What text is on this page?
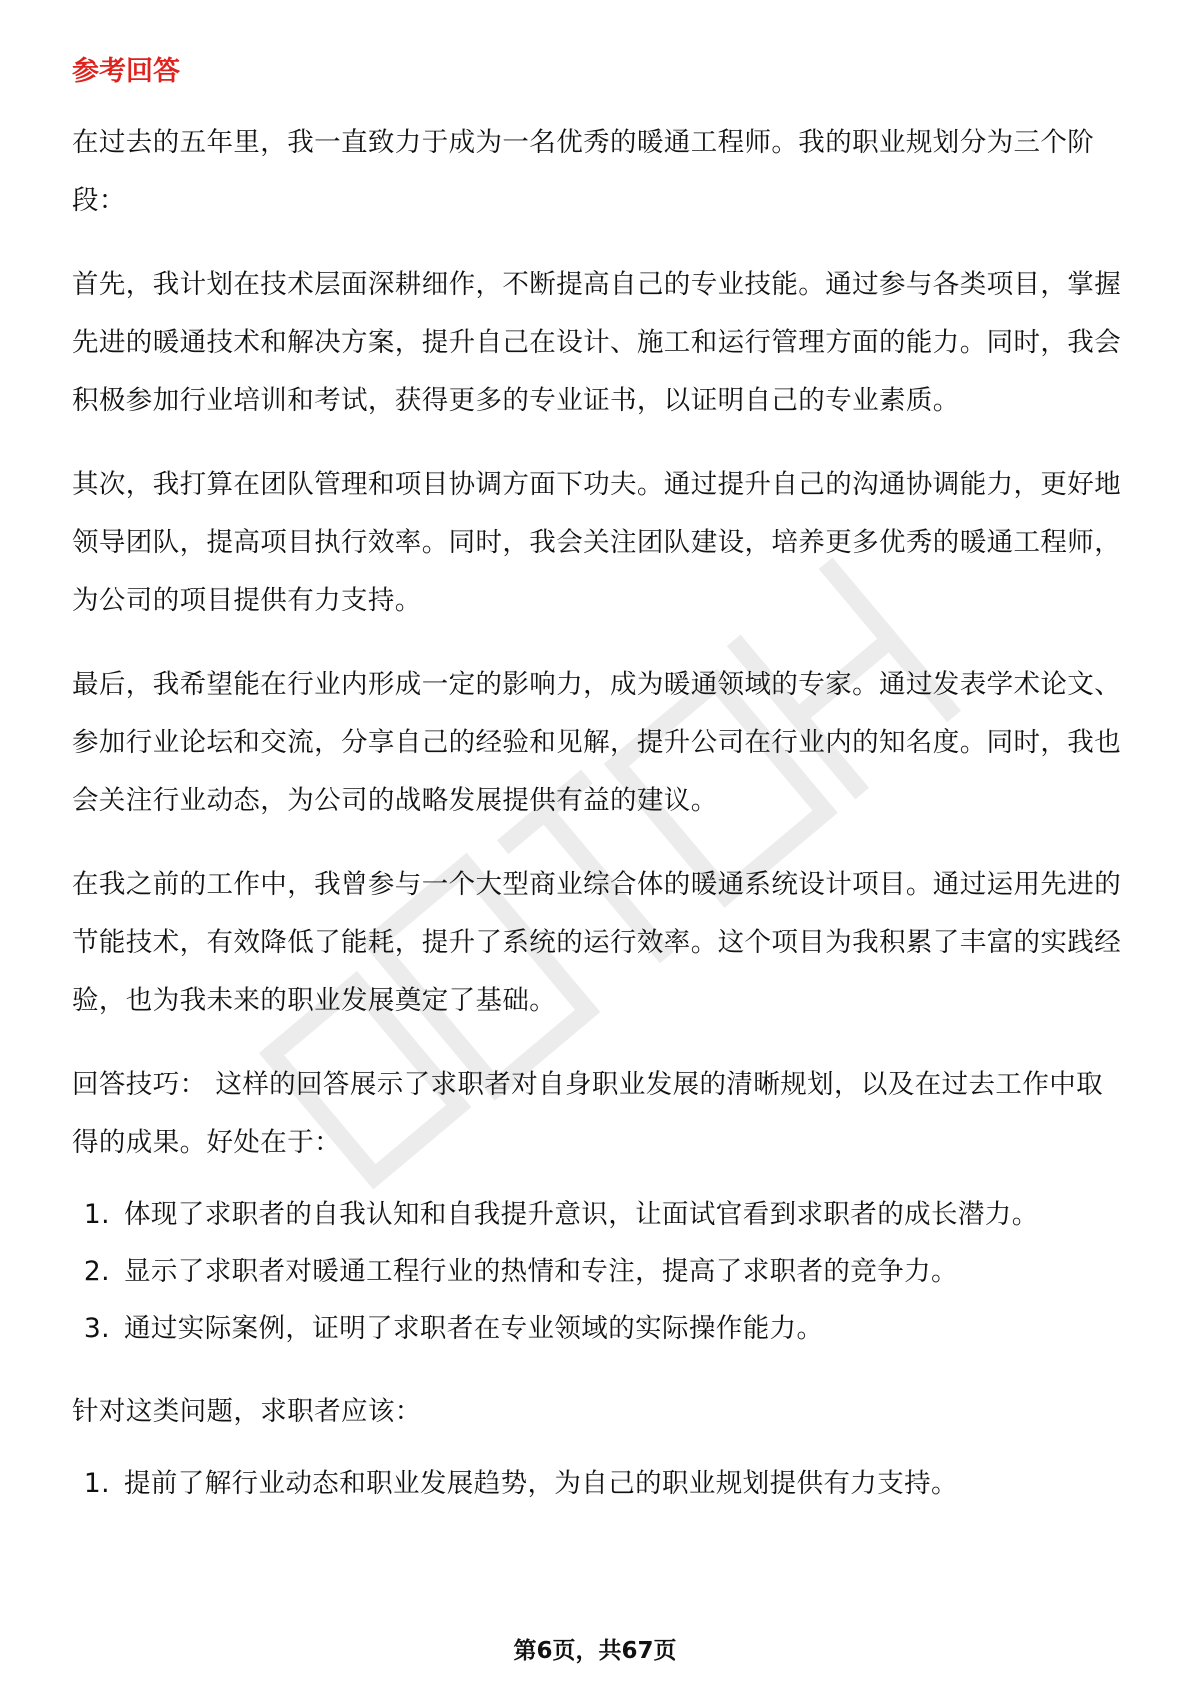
参考回答

在过去的五年里，我一直致力于成为一名优秀的暖通工程师。我的职业规划分为三个阶段：

首先，我计划在技术层面深耕细作，不断提高自己的专业技能。通过参与各类项目，掌握先进的暖通技术和解决方案，提升自己在设计、施工和运行管理方面的能力。同时，我会积极参加行业培训和考试，获得更多的专业证书，以证明自己的专业素质。

其次，我打算在团队管理和项目协调方面下功夫。通过提升自己的沟通协调能力，更好地领导团队，提高项目执行效率。同时，我会关注团队建设，培养更多优秀的暖通工程师，为公司的项目提供有力支持。

最后，我希望能在行业内形成一定的影响力，成为暖通领域的专家。通过发表学术论文、参加行业论坛和交流，分享自己的经验和见解，提升公司在行业内的知名度。同时，我也会关注行业动态，为公司的战略发展提供有益的建议。

在我之前的工作中，我曾参与一个大型商业综合体的暖通系统设计项目。通过运用先进的节能技术，有效降低了能耗，提升了系统的运行效率。这个项目为我积累了丰富的实践经验，也为我未来的职业发展奠定了基础。

回答技巧： 这样的回答展示了求职者对自身职业发展的清晰规划，以及在过去工作中取得的成果。好处在于：

1. 体现了求职者的自我认知和自我提升意识，让面试官看到求职者的成长潜力。
2. 显示了求职者对暖通工程行业的热情和专注，提高了求职者的竞争力。
3. 通过实际案例，证明了求职者在专业领域的实际操作能力。

针对这类问题，求职者应该：

1. 提前了解行业动态和职业发展趋势，为自己的职业规划提供有力支持。
第6页，共67页
